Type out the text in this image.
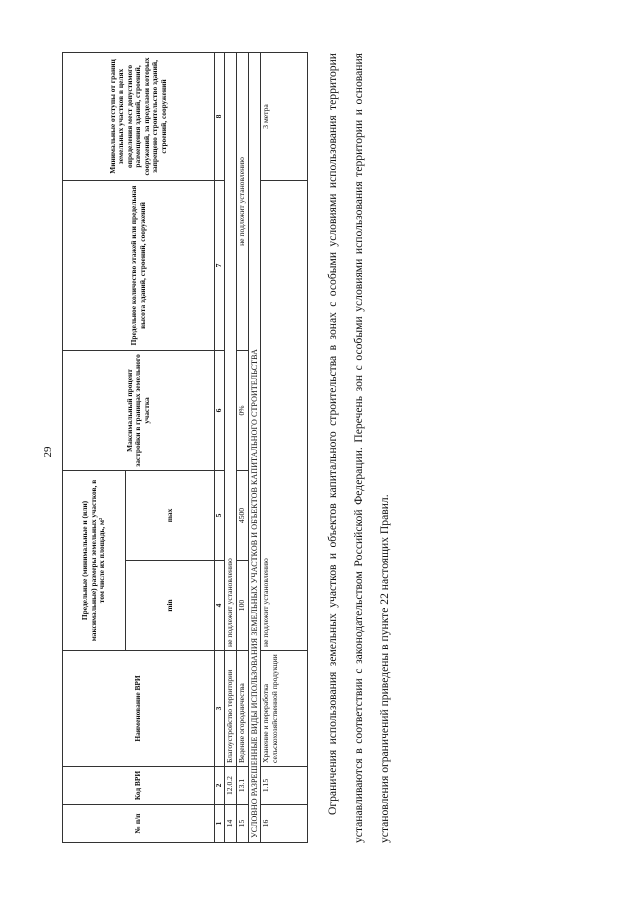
29
№ п/п	Код ВРИ	Наименование ВРИ	Предельные (минимальные и (или) максимальные) размеры земельных участков, в том числе их площадь, м²		Максимальный процент застройки в границах земельного участка	Предельное количество этажей или предельная высота зданий, строений, сооружений	Минимальные отступы от границ земельных участков в целях определения мест допустимого размещения зданий, строений, сооружений, за пределами которых запрещено строительство зданий, строений, сооружений
			min	max			
1	2	3	4	5	6	7	8
14	12.0.2	Благоустройство территории	не подлежит установлению				
15	13.1	Ведение огородничества	100	4500	0%	не подлежит установлению	
УСЛОВНО РАЗРЕШЕННЫЕ ВИДЫ ИСПОЛЬЗОВАНИЯ ЗЕМЕЛЬНЫХ УЧАСТКОВ И ОБЪЕКТОВ КАПИТАЛЬНОГО СТРОИТЕЛЬСТВА							
16	1.15	Хранение и переработка сельскохозяйственной продукции	не подлежит установлению				3 метра	Ограничения использования земельных участков и объектов капитального строительства в зонах с особыми условиями использования территории устанавливаются в соответствии с законодательством Российской Федерации. Перечень зон с особыми условиями использования территории и основания установления ограничений приведены в пункте 22 настоящих Правил.
